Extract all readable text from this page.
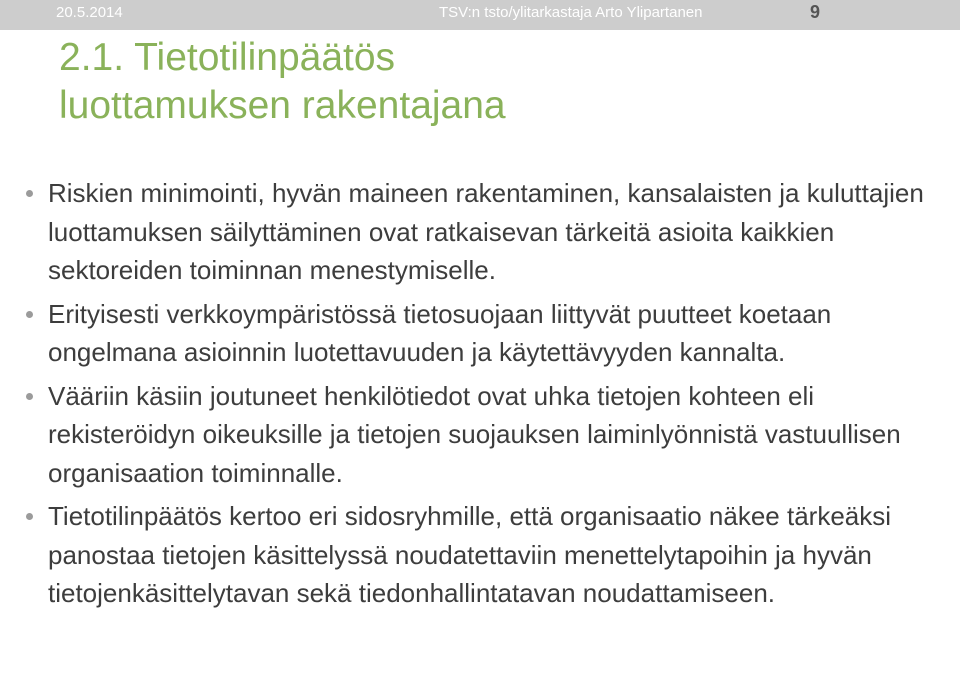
20.5.2014	TSV:n tsto/ylitarkastaja Arto Ylipartanen	9
2.1. Tietotilinpäätös
luottamuksen rakentajana
Riskien minimointi, hyvän maineen rakentaminen, kansalaisten ja kuluttajien luottamuksen säilyttäminen ovat ratkaisevan tärkeitä asioita kaikkien sektoreiden toiminnan menestymiselle.
Erityisesti verkkoympäristössä tietosuojaan liittyvät puutteet koetaan ongelmana asioinnin luotettavuuden ja käytettävyyden kannalta.
Vääriin käsiin joutuneet henkilötiedot ovat uhka tietojen kohteen eli rekisteröidyn oikeuksille ja tietojen suojauksen laiminlyönnistä vastuullisen organisaation toiminnalle.
Tietotilinpäätös kertoo eri sidosryhmille, että organisaatio näkee tärkeäksi panostaa tietojen käsittelyssä noudatettaviin menettelytapoihin ja hyvän tietojenkäsittelytavan sekä tiedonhallintatavan noudattamiseen.
